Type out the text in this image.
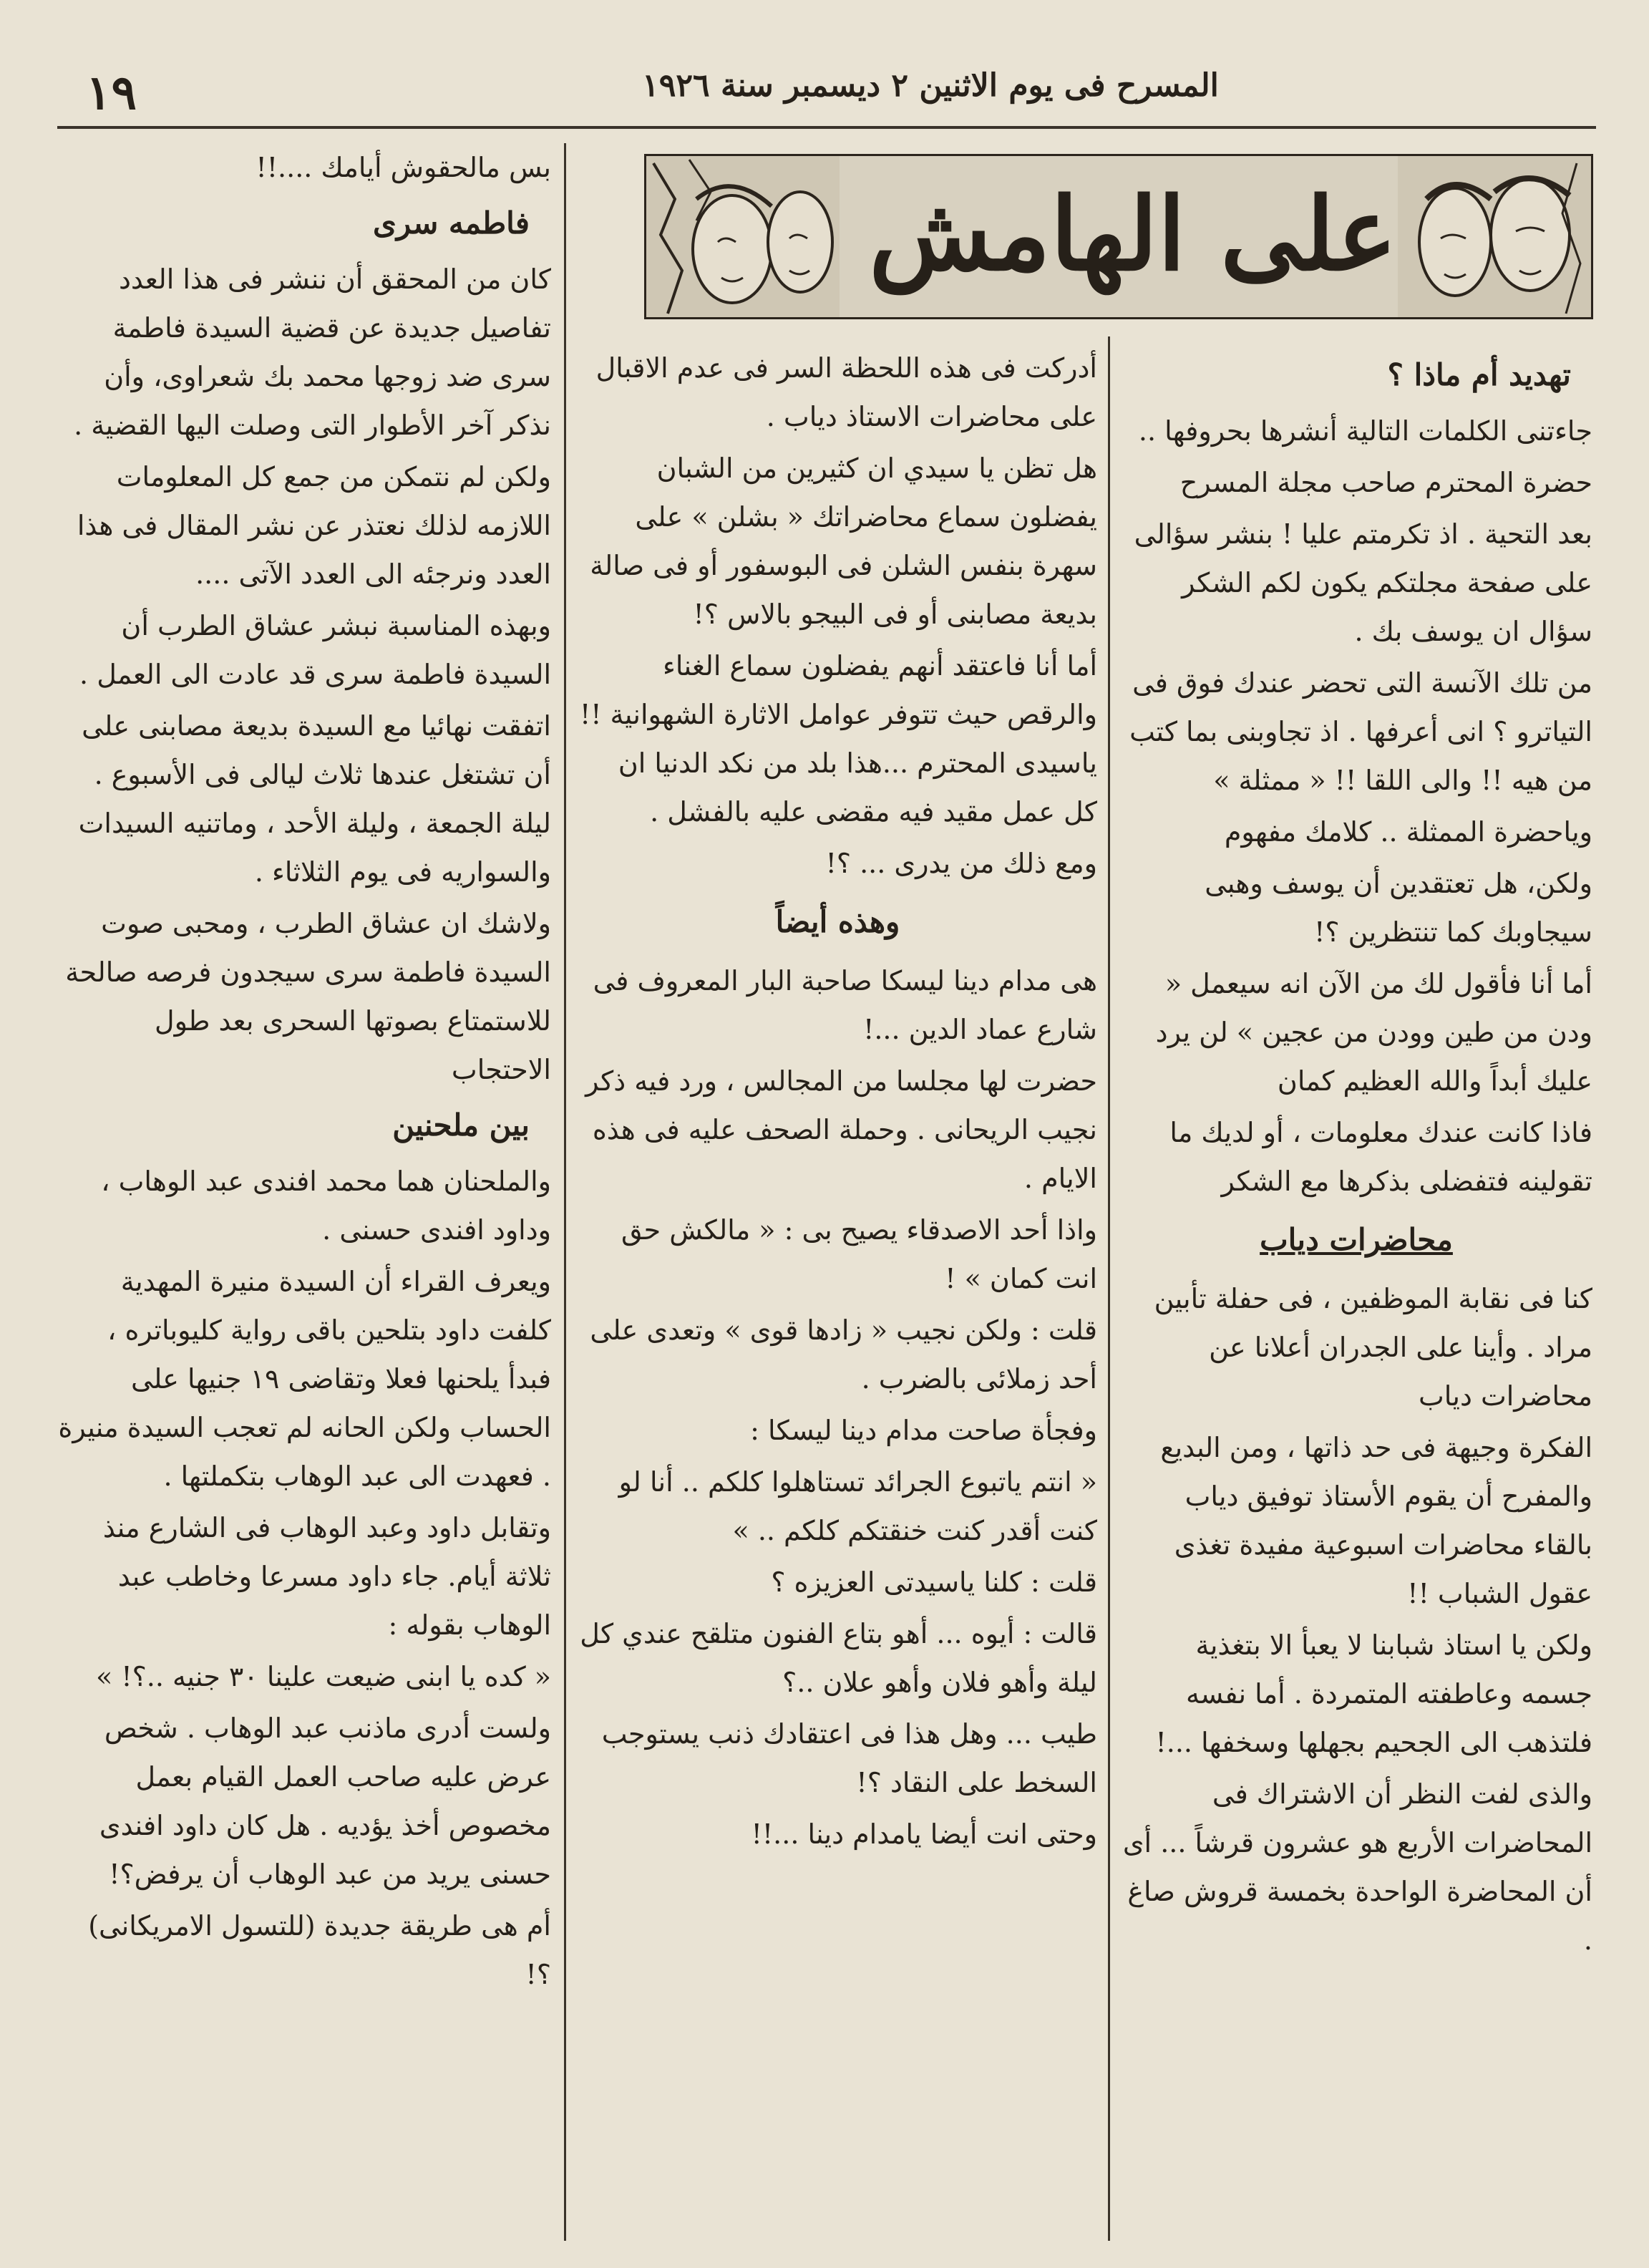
١٩	المسرح فى يوم الاثنين ٢ ديسمبر سنة ١٩٢٦
على الهامش

بس مالحقوش أيامك ....!!

فاطمه سرى

كان من المحقق أن ننشر فى هذا العدد تفاصيل جديدة عن قضية السيدة فاطمة سرى ضد زوجها محمد بك شعراوى، وأن نذكر آخر الأطوار التى وصلت اليها القضية .

ولكن لم نتمكن من جمع كل المعلومات اللازمه لذلك نعتذر عن نشر المقال فى هذا العدد ونرجئه الى العدد الآتى ....

وبهذه المناسبة نبشر عشاق الطرب أن السيدة فاطمة سرى قد عادت الى العمل .

اتفقت نهائيا مع السيدة بديعة مصابنى على أن تشتغل عندها ثلاث ليالى فى الأسبوع . ليلة الجمعة ، وليلة الأحد ، وماتنيه السيدات والسواريه فى يوم الثلاثاء .

ولاشك ان عشاق الطرب ، ومحبى صوت السيدة فاطمة سرى سيجدون فرصه صالحة للاستمتاع بصوتها السحرى بعد طول الاحتجاب

بين ملحنين

والملحنان هما محمد افندى عبد الوهاب ، وداود افندى حسنى .

ويعرف القراء أن السيدة منيرة المهدية كلفت داود بتلحين باقى رواية كليوباتره ، فبدأ يلحنها فعلا وتقاضى ١٩ جنيها على الحساب ولكن الحانه لم تعجب السيدة منيرة . فعهدت الى عبد الوهاب بتكملتها .

وتقابل داود وعبد الوهاب فى الشارع منذ ثلاثة أيام. جاء داود مسرعا وخاطب عبد الوهاب بقوله :

« كده يا ابنى ضيعت علينا ٣٠ جنيه ..؟! »

ولست أدرى ماذنب عبد الوهاب . شخص عرض عليه صاحب العمل القيام بعمل مخصوص أخذ يؤديه . هل كان داود افندى حسنى يريد من عبد الوهاب أن يرفض؟!

أم هى طريقة جديدة (للتسول الامريكانى) ؟!

أدركت فى هذه اللحظة السر فى عدم الاقبال على محاضرات الاستاذ دياب .

هل تظن يا سيدي ان كثيرين من الشبان يفضلون سماع محاضراتك « بشلن » على سهرة بنفس الشلن فى البوسفور أو فى صالة بديعة مصابنى أو فى البيجو بالاس ؟!

أما أنا فاعتقد أنهم يفضلون سماع الغناء والرقص حيث تتوفر عوامل الاثارة الشهوانية !! ياسيدى المحترم ...هذا بلد من نكد الدنيا ان كل عمل مقيد فيه مقضى عليه بالفشل .

ومع ذلك من يدرى ... ؟!

وهذه أيضاً

هى مدام دينا ليسكا صاحبة البار المعروف فى شارع عماد الدين ...!

حضرت لها مجلسا من المجالس ، ورد فيه ذكر نجيب الريحانى . وحملة الصحف عليه فى هذه الايام .

واذا أحد الاصدقاء يصيح بى : « مالكش حق انت كمان » !

قلت : ولكن نجيب « زادها قوى » وتعدى على أحد زملائى بالضرب .

وفجأة صاحت مدام دينا ليسكا :

« انتم ياتبوع الجرائد تستاهلوا كلكم .. أنا لو كنت أقدر كنت خنقتكم كلكم .. »

قلت : كلنا ياسيدتى العزيزه ؟

قالت : أيوه ... أهو بتاع الفنون متلقح عندي كل ليلة وأهو فلان وأهو علان ..؟

طيب ... وهل هذا فى اعتقادك ذنب يستوجب السخط على النقاد ؟!

وحتى انت أيضا يامدام دينا ...!!

تهديد أم ماذا ؟

جاءتنى الكلمات التالية أنشرها بحروفها ..

حضرة المحترم صاحب مجلة المسرح

بعد التحية . اذ تكرمتم عليا ! بنشر سؤالى على صفحة مجلتكم يكون لكم الشكر سؤال ان يوسف بك .

من تلك الآنسة التى تحضر عندك فوق فى التياترو ؟ انى أعرفها . اذ تجاوبنى بما كتب من هيه !! والى اللقا !! « ممثلة »

وياحضرة الممثلة .. كلامك مفهوم

ولكن، هل تعتقدين أن يوسف وهبى سيجاوبك كما تنتظرين ؟!

أما أنا فأقول لك من الآن انه سيعمل « ودن من طين وودن من عجين » لن يرد عليك أبداً والله العظيم كمان

فاذا كانت عندك معلومات ، أو لديك ما تقولينه فتفضلى بذكرها مع الشكر

محاضرات دياب

كنا فى نقابة الموظفين ، فى حفلة تأبين مراد . وأينا على الجدران أعلانا عن محاضرات دياب

الفكرة وجيهة فى حد ذاتها ، ومن البديع والمفرح أن يقوم الأستاذ توفيق دياب بالقاء محاضرات اسبوعية مفيدة تغذى عقول الشباب !!

ولكن يا استاذ شبابنا لا يعبأ الا بتغذية جسمه وعاطفته المتمردة . أما نفسه فلتذهب الى الجحيم بجهلها وسخفها ...!

والذى لفت النظر أن الاشتراك فى المحاضرات الأربع هو عشرون قرشاً ... أى أن المحاضرة الواحدة بخمسة قروش صاغ .
